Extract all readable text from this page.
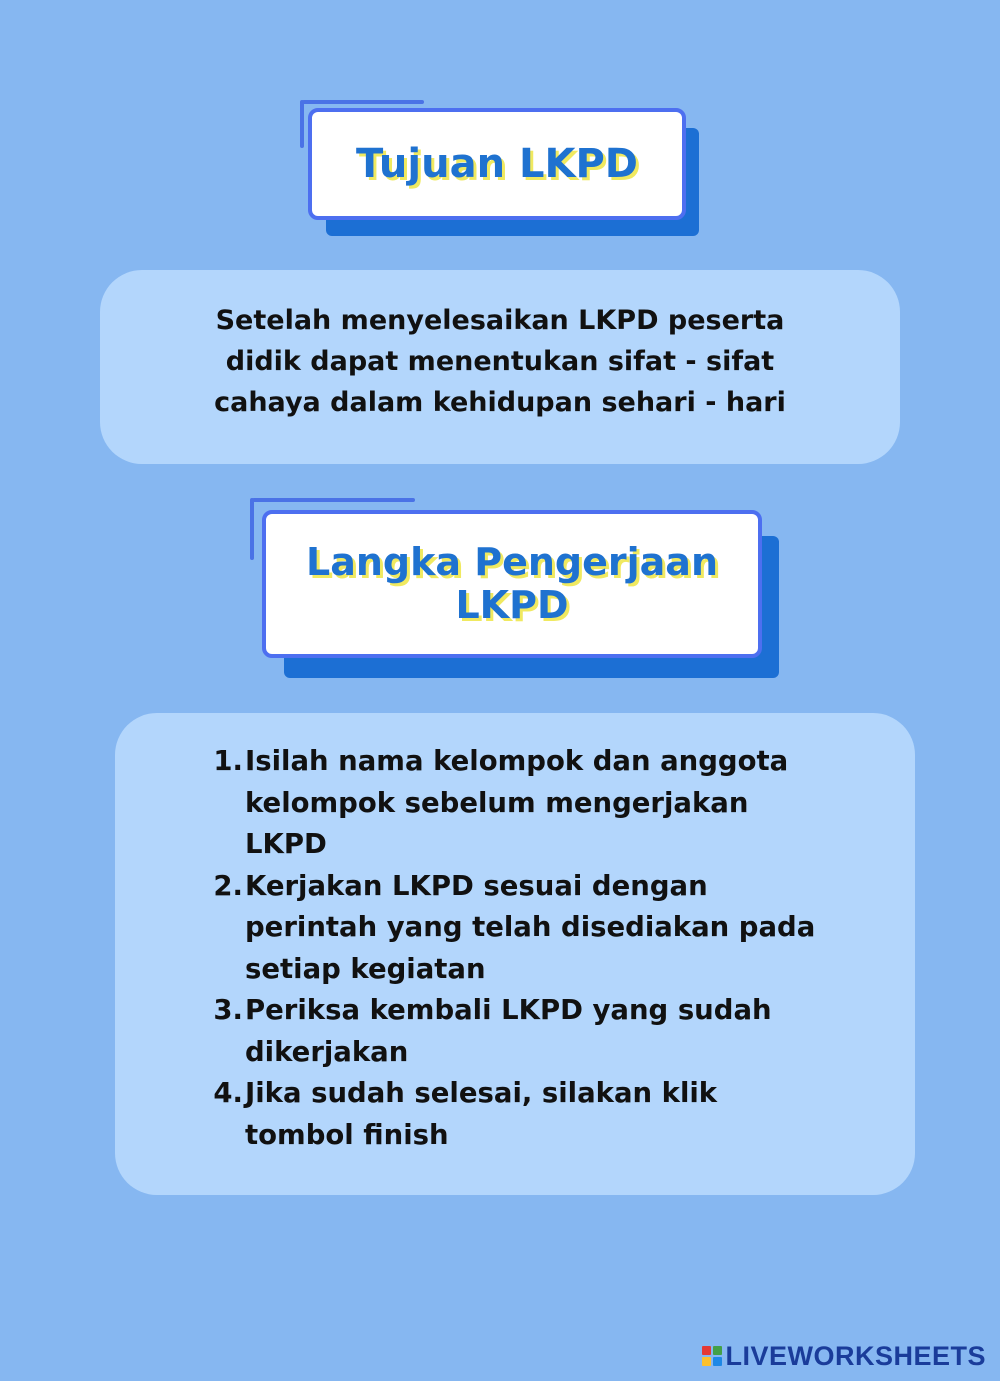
Tujuan LKPD
Setelah menyelesaikan LKPD peserta
didik dapat menentukan sifat - sifat
cahaya dalam kehidupan sehari - hari
Langka Pengerjaan
LKPD
1. Isilah nama kelompok dan anggota
kelompok sebelum mengerjakan
LKPD
2. Kerjakan LKPD sesuai dengan
perintah yang telah disediakan pada
setiap kegiatan
3. Periksa kembali LKPD yang sudah
dikerjakan
4. Jika sudah selesai, silakan klik
tombol finish
LIVEWORKSHEETS
